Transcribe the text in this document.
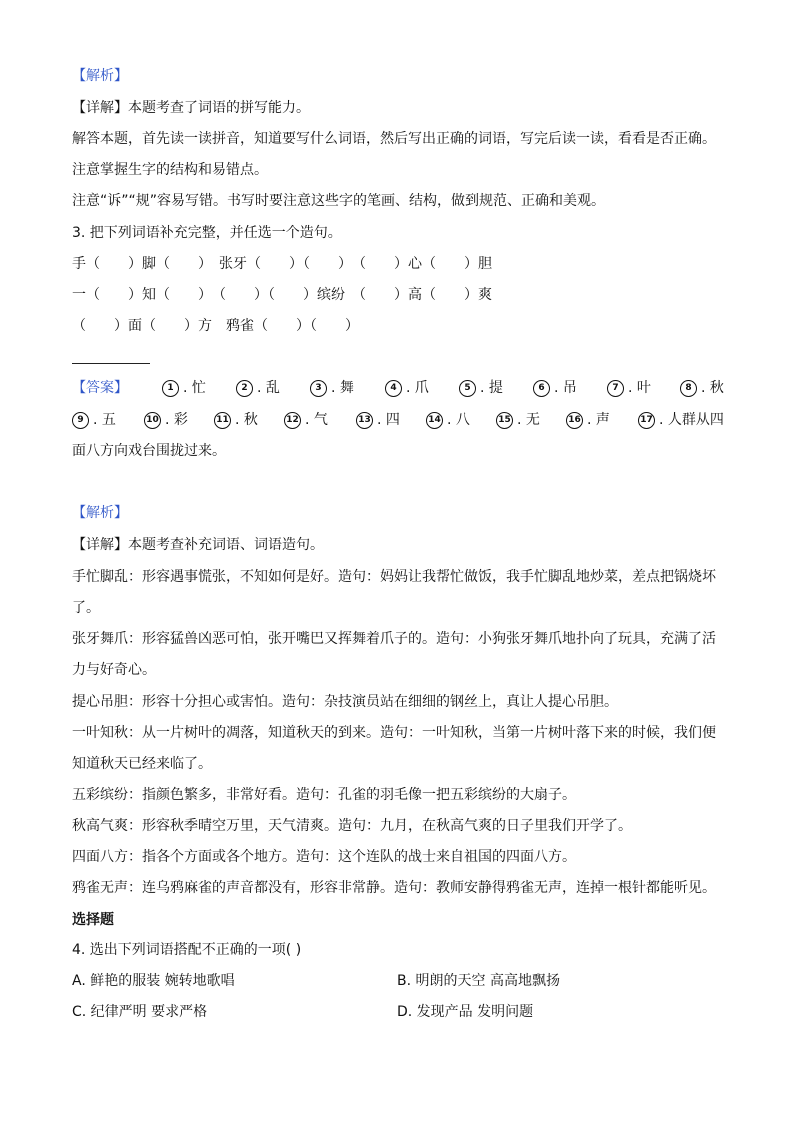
【解析】
【详解】本题考查了词语的拼写能力。
解答本题，首先读一读拼音，知道要写什么词语，然后写出正确的词语，写完后读一读，看看是否正确。
注意掌握生字的结构和易错点。
注意“诉”“规”容易写错。书写时要注意这些字的笔画、结构，做到规范、正确和美观。
3. 把下列词语补充完整，并任选一个造句。
手（　　）脚（　　）　张牙（　　）（　　）　（　　）心（　　）胆
一（　　）知（　　）　（　　）（　　）缤纷　（　　）高（　　）爽
（　　）面（　　）方　鸦雀（　　）（　　）
【答案】	1 . 忙	2 . 乱	3 . 舞	4 . 爪	5 . 提	6 . 吊	7 . 叶	8 . 秋
9 . 五	10 . 彩	11 . 秋	12 . 气	13 . 四	14 . 八	15 . 无	16 . 声	17 . 人群从四
面八方向戏台围拢过来。
【解析】
【详解】本题考查补充词语、词语造句。
手忙脚乱：形容遇事慌张，不知如何是好。造句：妈妈让我帮忙做饭，我手忙脚乱地炒菜，差点把锅烧坏
了。
张牙舞爪：形容猛兽凶恶可怕，张开嘴巴又挥舞着爪子的。造句：小狗张牙舞爪地扑向了玩具，充满了活
力与好奇心。
提心吊胆：形容十分担心或害怕。造句：杂技演员站在细细的钢丝上，真让人提心吊胆。
一叶知秋：从一片树叶的凋落，知道秋天的到来。造句：一叶知秋，当第一片树叶落下来的时候，我们便
知道秋天已经来临了。
五彩缤纷：指颜色繁多，非常好看。造句：孔雀的羽毛像一把五彩缤纷的大扇子。
秋高气爽：形容秋季晴空万里，天气清爽。造句：九月，在秋高气爽的日子里我们开学了。
四面八方：指各个方面或各个地方。造句：这个连队的战士来自祖国的四面八方。
鸦雀无声：连乌鸦麻雀的声音都没有，形容非常静。造句：教师安静得鸦雀无声，连掉一根针都能听见。
选择题
4. 选出下列词语搭配不正确的一项( )
A. 鲜艳的服装 婉转地歌唱	B. 明朗的天空 高高地飘扬
C. 纪律严明 要求严格	D. 发现产品 发明问题
